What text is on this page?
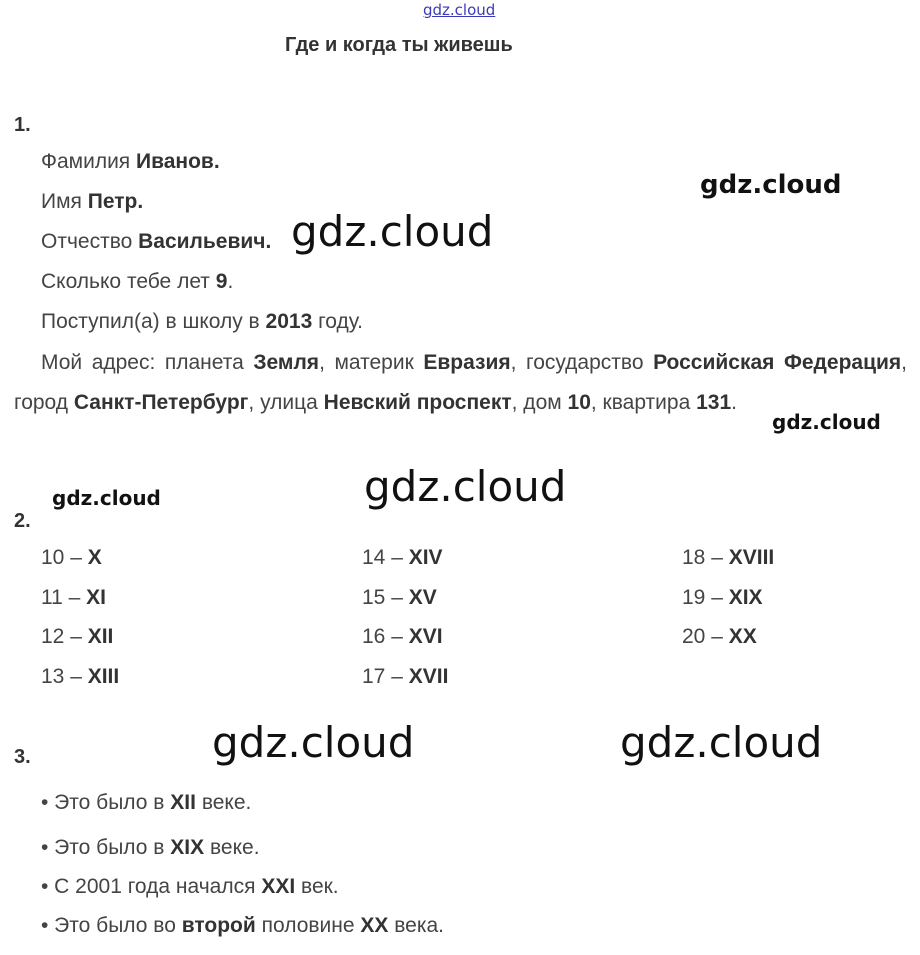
gdz.cloud
gdz.cloud
gdz.cloud
gdz.cloud
gdz.cloud
gdz.cloud
gdz.cloud	gdz.cloud
Где и когда ты живешь
1.
Фамилия Иванов.
Имя Петр.
Отчество Васильевич.
Сколько тебе лет 9.
Поступил(а) в школу в 2013 году.
Мой адрес: планета Земля, материк Евразия, государство Российская Федерация, город Санкт-Петербург, улица Невский проспект, дом 10, квартира 131.
2.
10 – X
11 – XI
12 – XII
13 – XIII
14 – XIV
15 – XV
16 – XVI
17 – XVII
18 – XVIII
19 – XIX
20 – XX
3.
• Это было в XII веке.
• Это было в XIX веке.
• С 2001 года начался XXI век.
• Это было во второй половине XX века.
